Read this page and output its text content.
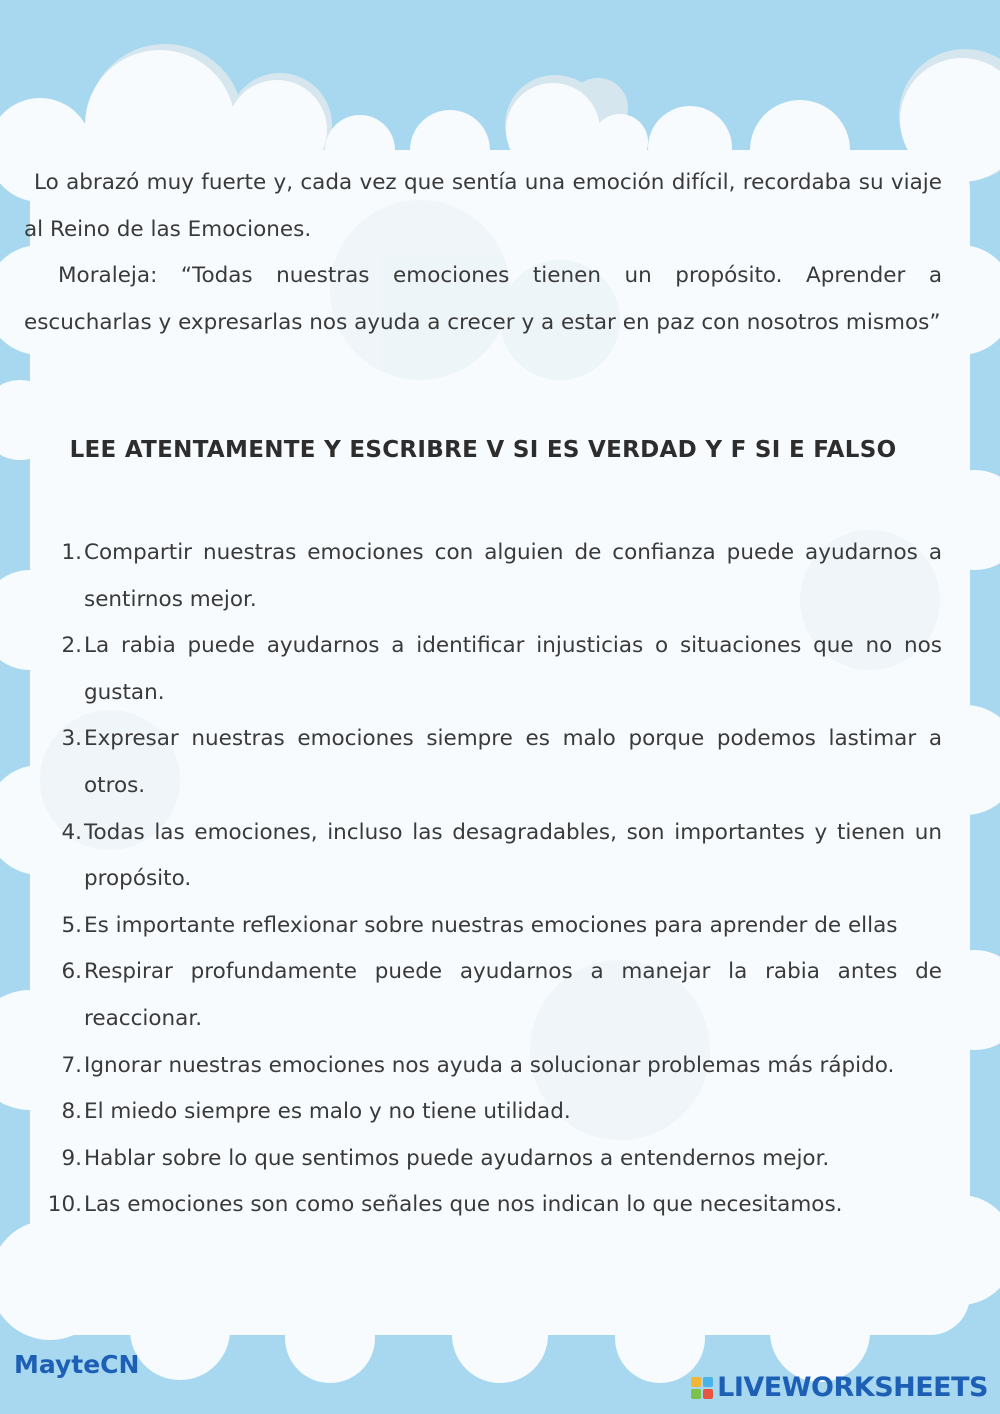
Lo abrazó muy fuerte y, cada vez que sentía una emoción difícil, recordaba su viaje al Reino de las Emociones.

Moraleja: “Todas nuestras emociones tienen un propósito. Aprender a escucharlas y expresarlas nos ayuda a crecer y a estar en paz con nosotros mismos”

LEE ATENTAMENTE Y ESCRIBRE V SI ES VERDAD Y F SI E FALSO
1. Compartir nuestras emociones con alguien de confianza puede ayudarnos a sentirnos mejor.
2. La rabia puede ayudarnos a identificar injusticias o situaciones que no nos gustan.
3. Expresar nuestras emociones siempre es malo porque podemos lastimar a otros.
4. Todas las emociones, incluso las desagradables, son importantes y tienen un propósito.
5. Es importante reflexionar sobre nuestras emociones para aprender de ellas
6. Respirar profundamente puede ayudarnos a manejar la rabia antes de reaccionar.
7. Ignorar nuestras emociones nos ayuda a solucionar problemas más rápido.
8. El miedo siempre es malo y no tiene utilidad.
9. Hablar sobre lo que sentimos puede ayudarnos a entendernos mejor.
10. Las emociones son como señales que nos indican lo que necesitamos.
MayteCN
LIVEWORKSHEETS
